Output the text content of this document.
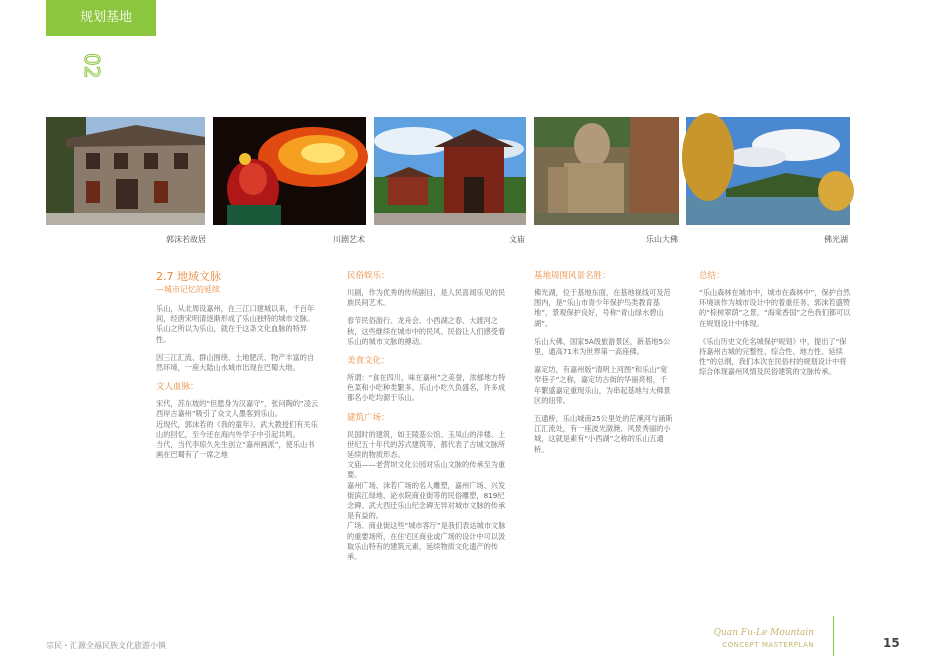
规划基地
02
郭沫若故居	川剧艺术	文庙	乐山大佛	佛光湖
2.7 地域文脉
—城市记忆的延续

乐山，从北周设嘉州，在三江口建城以来，千百年间，经唐宋明清逐渐形成了乐山独特的城市文脉。乐山之所以为乐山，就在于这条文化血脉的特异性。

因三江汇流、群山围绕、土地肥沃、物产丰富的自然环境，一座大陆山水城市出现在巴蜀大地。

文人血脉：
宋代，苏东坡的“但愿身为汉嘉守”，张问陶的“凌云西岸古嘉州”吸引了众文人墨客到乐山。
近现代，郭沫若的《我的童年》，武大教授们有关乐山的回忆，至今还在海内外学子中引起共鸣。
当代，当代李琼久先生创立“嘉州画派”，使乐山书画在巴蜀有了一席之地
民俗娱乐：

川剧，作为优秀的传统剧目，是人民喜闻乐见的民族民间艺术。

春节民俗游行、龙舟会、小西湖之春、大渡河之秋，这些继续在城市中的民风、民俗让人们感受着乐山的城市文脉的搏动。

美食文化：

所谓：“食在四川，味在嘉州”之美誉，浓郁地方特色菜和小吃种类繁多。乐山小吃久负盛名，许多成都名小吃均源于乐山。

建筑广场：
民国时的建筑，如王陵基公馆、玉凤山的洋楼、上世纪五十年代的苏式建筑等，都代表了古城文脉所延续的物质形态。
文庙——老营坝文化公园对乐山文脉的传承至为重要。
嘉州广场、沫若广场的名人雕塑，嘉州广场、兴发街滨江绿地、泌水院商业街等的民俗雕塑，819纪念碑、武大西迁乐山纪念碑无异对城市文脉的传承是有益的。
广场、商业街这些“城市客厅”是我们表达城市文脉的重要场所，在住宅区商业或广场的设计中可以汲取乐山特有的建筑元素，延续物质文化遗产的传承。
基地周围风景名胜：

佛光湖，位于基地东面，在基地视线可及范围内，是“乐山市青少年保护鸟类教育基地”，景观保护良好，号称“青山绿水碧山湖”。

乐山大佛，国家5A级旅游景区，新基地5公里，通高71米为世界第一高座佛。

嘉定坊，有嘉州版“清明上河图”和乐山“宽窄巷子”之称，嘉定坊古街的华丽亮相，千年繁盛嘉定重现乐山，为串起基地与大佛景区的纽带。

五通桥，乐山城南25公里处的茫溪河与涌斯江汇流处，有一座波光潋滟、风景秀丽的小城，这就是素有“小西湖”之称的乐山五通桥。

总结：

“乐山森林在城市中，城市在森林中”，保护自然环境该作为城市设计中的着重任务，郭沫若盛赞的“棕树翠荫”之景，“海棠香国”之色我们都可以在规划设计中体现。

《乐山历史文化名城保护规划》中，提出了“保持嘉州古城的完整性、综合性、地方性、延续性”的总纲，我们本次在民俗村的规划设计中将综合体现嘉州风情及民俗建筑的文脉传承。

宗民・汇源全福民族文化旅游小镇
Quan Fu-Le Mountain
CONCEPT MASTERPLAN	15
